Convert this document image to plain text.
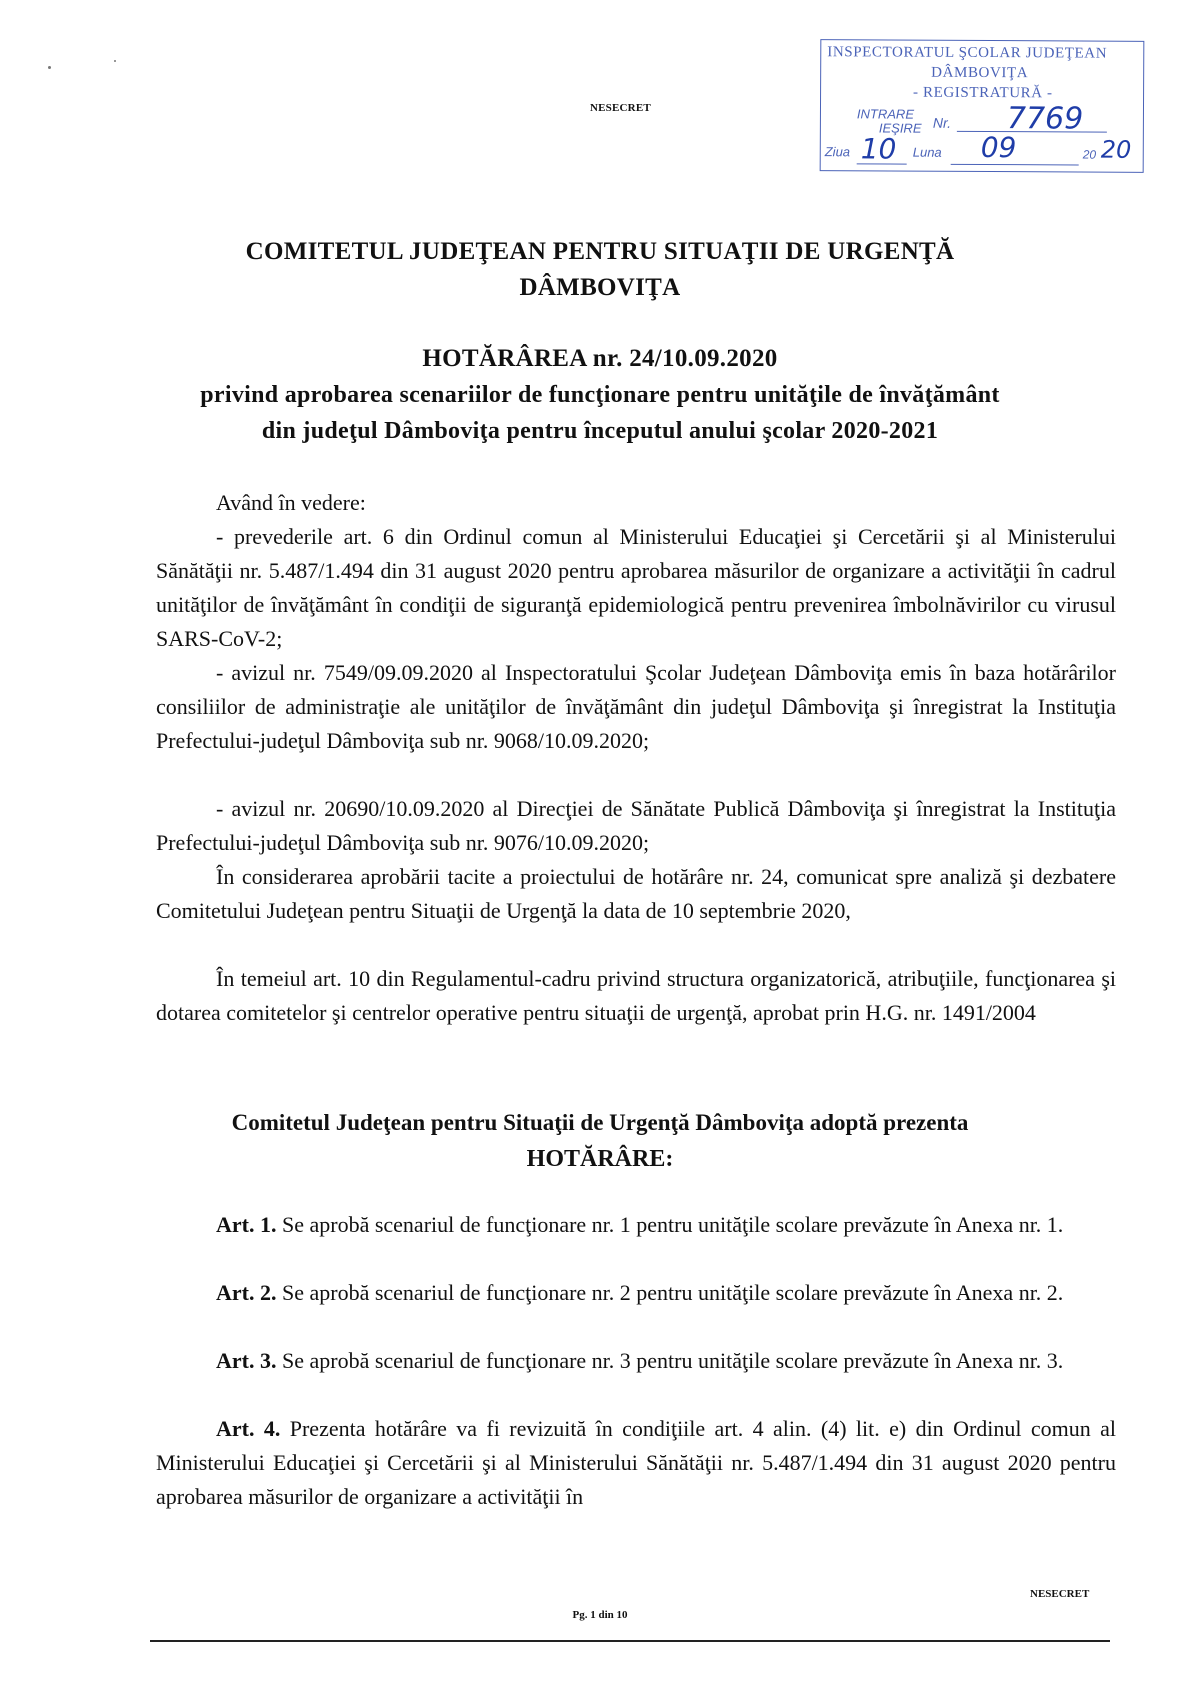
NESECRET
INSPECTORATUL ŞCOLAR JUDEŢEAN
DÂMBOVIŢA
- REGISTRATURĂ -
INTRARE
IEŞIRE Nr. 7769
Ziua 10 Luna 09	20 20
COMITETUL JUDEŢEAN PENTRU SITUAŢII DE URGENŢĂ
DÂMBOVIŢA
HOTĂRÂREA nr. 24/10.09.2020
privind aprobarea scenariilor de funcţionare pentru unităţile de învăţământ
din judeţul Dâmboviţa pentru începutul anului şcolar 2020-2021
Având în vedere:
- prevederile art. 6 din Ordinul comun al Ministerului Educaţiei şi Cercetării şi al Ministerului Sănătăţii nr. 5.487/1.494 din 31 august 2020 pentru aprobarea măsurilor de organizare a activităţii în cadrul unităţilor de învăţământ în condiţii de siguranţă epidemiologică pentru prevenirea îmbolnăvirilor cu virusul SARS-CoV-2;
- avizul nr. 7549/09.09.2020 al Inspectoratului Şcolar Judeţean Dâmboviţa emis în baza hotărârilor consiliilor de administraţie ale unităţilor de învăţământ din judeţul Dâmboviţa şi înregistrat la Instituţia Prefectului-judeţul Dâmboviţa sub nr. 9068/10.09.2020;
- avizul nr. 20690/10.09.2020 al Direcţiei de Sănătate Publică Dâmboviţa şi înregistrat la Instituţia Prefectului-judeţul Dâmboviţa sub nr. 9076/10.09.2020;
În considerarea aprobării tacite a proiectului de hotărâre nr. 24, comunicat spre analiză şi dezbatere Comitetului Judeţean pentru Situaţii de Urgenţă la data de 10 septembrie 2020,
În temeiul art. 10 din Regulamentul-cadru privind structura organizatorică, atribuţiile, funcţionarea şi dotarea comitetelor şi centrelor operative pentru situaţii de urgenţă, aprobat prin H.G. nr. 1491/2004
Comitetul Judeţean pentru Situaţii de Urgenţă Dâmboviţa adoptă prezenta
HOTĂRÂRE:
Art. 1. Se aprobă scenariul de funcţionare nr. 1 pentru unităţile scolare prevăzute în Anexa nr. 1.
Art. 2. Se aprobă scenariul de funcţionare nr. 2 pentru unităţile scolare prevăzute în Anexa nr. 2.
Art. 3. Se aprobă scenariul de funcţionare nr. 3 pentru unităţile scolare prevăzute în Anexa nr. 3.
Art. 4. Prezenta hotărâre va fi revizuită în condiţiile art. 4 alin. (4) lit. e) din Ordinul comun al Ministerului Educaţiei şi Cercetării şi al Ministerului Sănătăţii nr. 5.487/1.494 din 31 august 2020 pentru aprobarea măsurilor de organizare a activităţii în
NESECRET
Pg. 1 din 10
